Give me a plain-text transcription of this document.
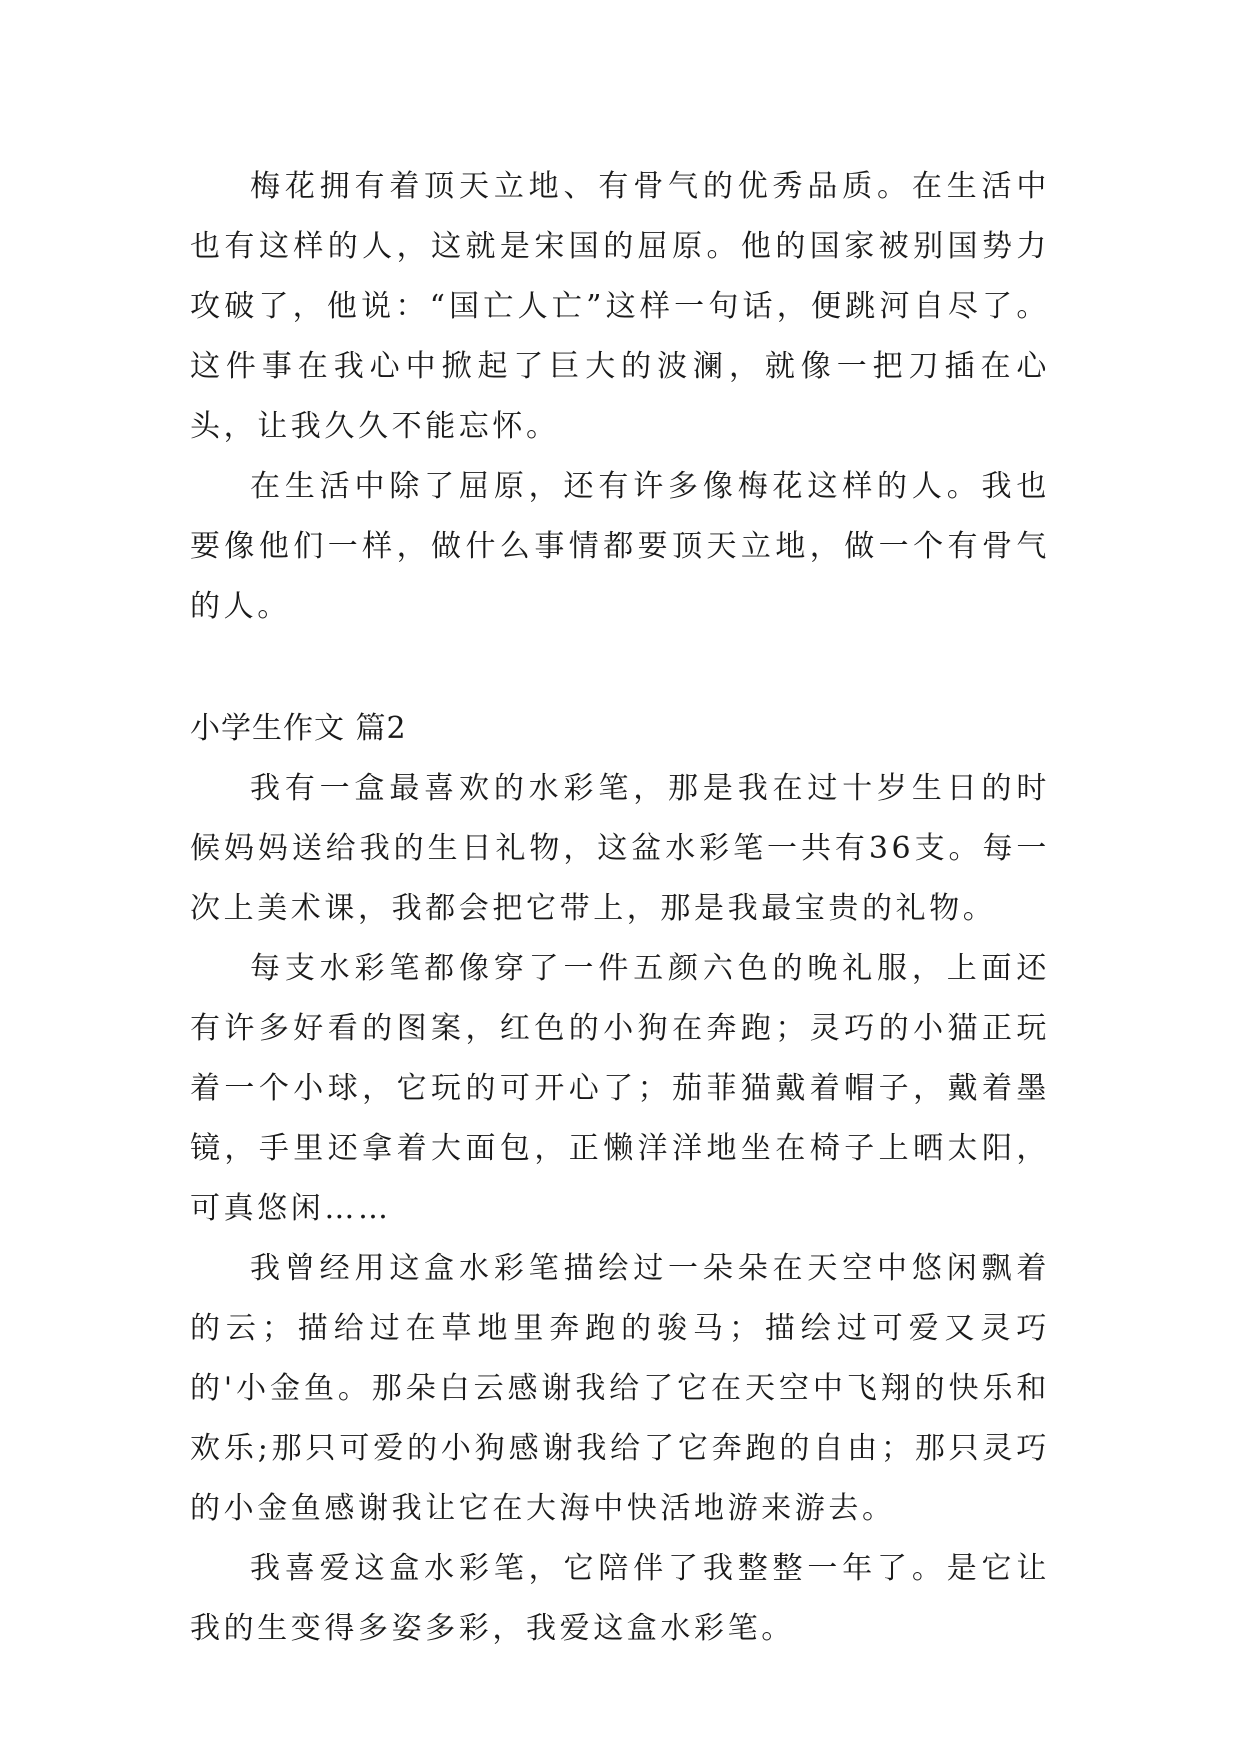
梅花拥有着顶天立地、有骨气的优秀品质。在生活中也有这样的人，这就是宋国的屈原。他的国家被别国势力攻破了，他说：“国亡人亡”这样一句话，便跳河自尽了。这件事在我心中掀起了巨大的波澜，就像一把刀插在心头，让我久久不能忘怀。

在生活中除了屈原，还有许多像梅花这样的人。我也要像他们一样，做什么事情都要顶天立地，做一个有骨气的人。

小学生作文 篇2

我有一盒最喜欢的水彩笔，那是我在过十岁生日的时候妈妈送给我的生日礼物，这盆水彩笔一共有36支。每一次上美术课，我都会把它带上，那是我最宝贵的礼物。

每支水彩笔都像穿了一件五颜六色的晚礼服，上面还有许多好看的图案，红色的小狗在奔跑；灵巧的小猫正玩着一个小球，它玩的可开心了；茄菲猫戴着帽子，戴着墨镜，手里还拿着大面包，正懒洋洋地坐在椅子上晒太阳，可真悠闲……

我曾经用这盒水彩笔描绘过一朵朵在天空中悠闲飘着的云；描给过在草地里奔跑的骏马；描绘过可爱又灵巧的'小金鱼。那朵白云感谢我给了它在天空中飞翔的快乐和欢乐;那只可爱的小狗感谢我给了它奔跑的自由；那只灵巧的小金鱼感谢我让它在大海中快活地游来游去。

我喜爱这盒水彩笔，它陪伴了我整整一年了。是它让我的生变得多姿多彩，我爱这盒水彩笔。
